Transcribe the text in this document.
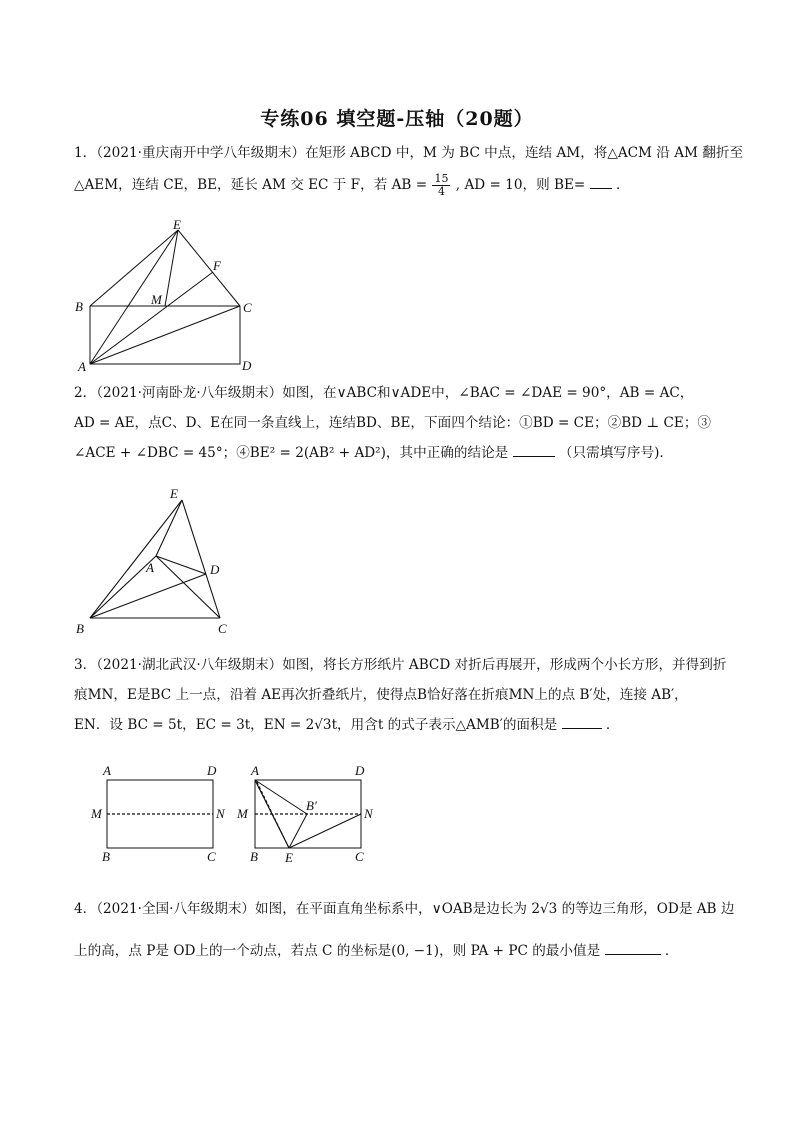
专练06 填空题-压轴（20题）

1．（2021·重庆南开中学八年级期末）在矩形 ABCD 中，M 为 BC 中点，连结 AM，将△ACM 沿 AM 翻折至

△AEM，连结 CE，BE，延长 AM 交 EC 于 F，若 AB = $\frac{15}{4}$ , AD = 10，则 BE= ．

E
F
M
B	C
A	D

2．（2021·河南卧龙·八年级期末）如图，在∨ABC和∨ADE中，∠BAC = ∠DAE = 90°，AB = AC，

AD = AE，点C、D、E在同一条直线上，连结BD、BE，下面四个结论：①BD = CE；②BD ⊥ CE；③

∠ACE + ∠DBC = 45°；④BE² = 2(AB² + AD²)，其中正确的结论是	（只需填写序号)．

E
A	D
B	C

3．（2021·湖北武汉·八年级期末）如图，将长方形纸片 ABCD 对折后再展开，形成两个小长方形，并得到折

痕MN，E是BC 上一点，沿着 AE再次折叠纸片，使得点B恰好落在折痕MN上的点 B′处，连接 AB′，

EN．设 BC = 5t，EC = 3t，EN = 2√3t，用含t 的式子表示△AMB′的面积是	．

A	D
M	N
B	C
A	D
B′
M	N
B E	C

4．（2021·全国·八年级期末）如图，在平面直角坐标系中，∨OAB是边长为 2√3 的等边三角形，OD是 AB 边

上的高，点 P是 OD上的一个动点，若点 C 的坐标是(0, −1)，则 PA + PC 的最小值是	．
